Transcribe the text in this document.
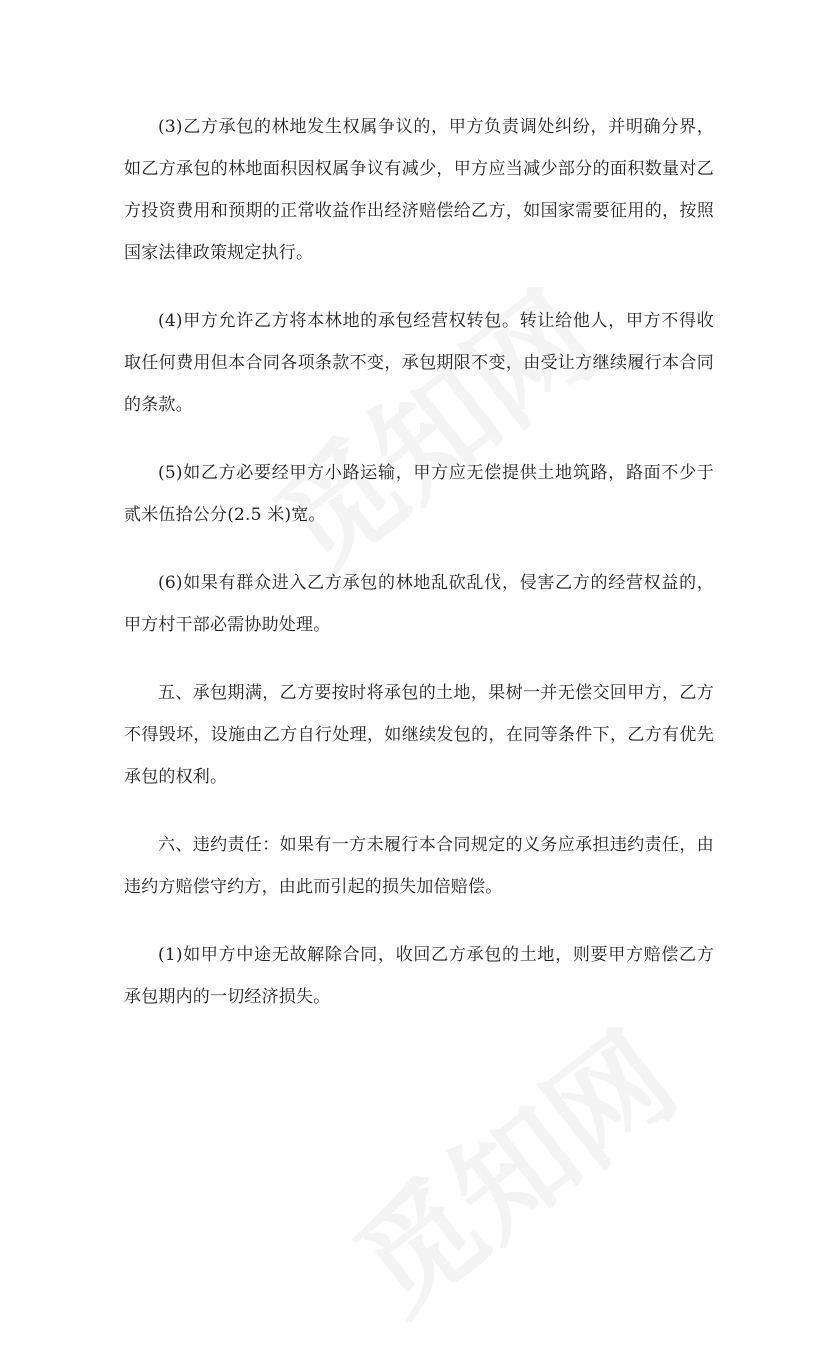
(3)乙方承包的林地发生权属争议的，甲方负责调处纠纷，并明确分界，如乙方承包的林地面积因权属争议有减少，甲方应当减少部分的面积数量对乙方投资费用和预期的正常收益作出经济赔偿给乙方，如国家需要征用的，按照国家法律政策规定执行。

(4)甲方允许乙方将本林地的承包经营权转包。转让给他人，甲方不得收取任何费用但本合同各项条款不变，承包期限不变，由受让方继续履行本合同的条款。

(5)如乙方必要经甲方小路运输，甲方应无偿提供土地筑路，路面不少于贰米伍拾公分(2.5 米)宽。

(6)如果有群众进入乙方承包的林地乱砍乱伐，侵害乙方的经营权益的，甲方村干部必需协助处理。

五、承包期满，乙方要按时将承包的土地，果树一并无偿交回甲方，乙方不得毁坏，设施由乙方自行处理，如继续发包的，在同等条件下，乙方有优先承包的权利。

六、违约责任：如果有一方未履行本合同规定的义务应承担违约责任，由违约方赔偿守约方，由此而引起的损失加倍赔偿。

(1)如甲方中途无故解除合同，收回乙方承包的土地，则要甲方赔偿乙方承包期内的一切经济损失。
